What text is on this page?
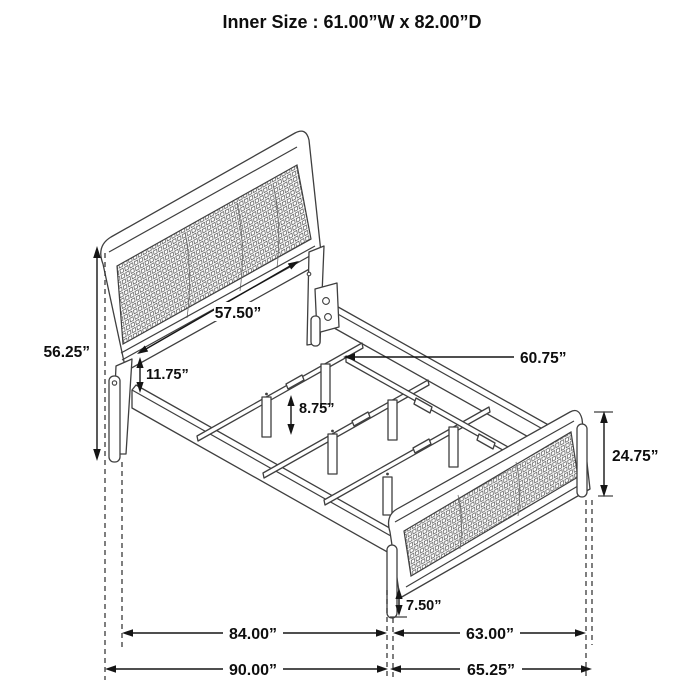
56.25”
57.50”
11.75”
60.75”
8.75”
24.75”
7.50”
84.00”	63.00”
90.00”	65.25”
Inner Size : 61.00”W x 82.00”D
